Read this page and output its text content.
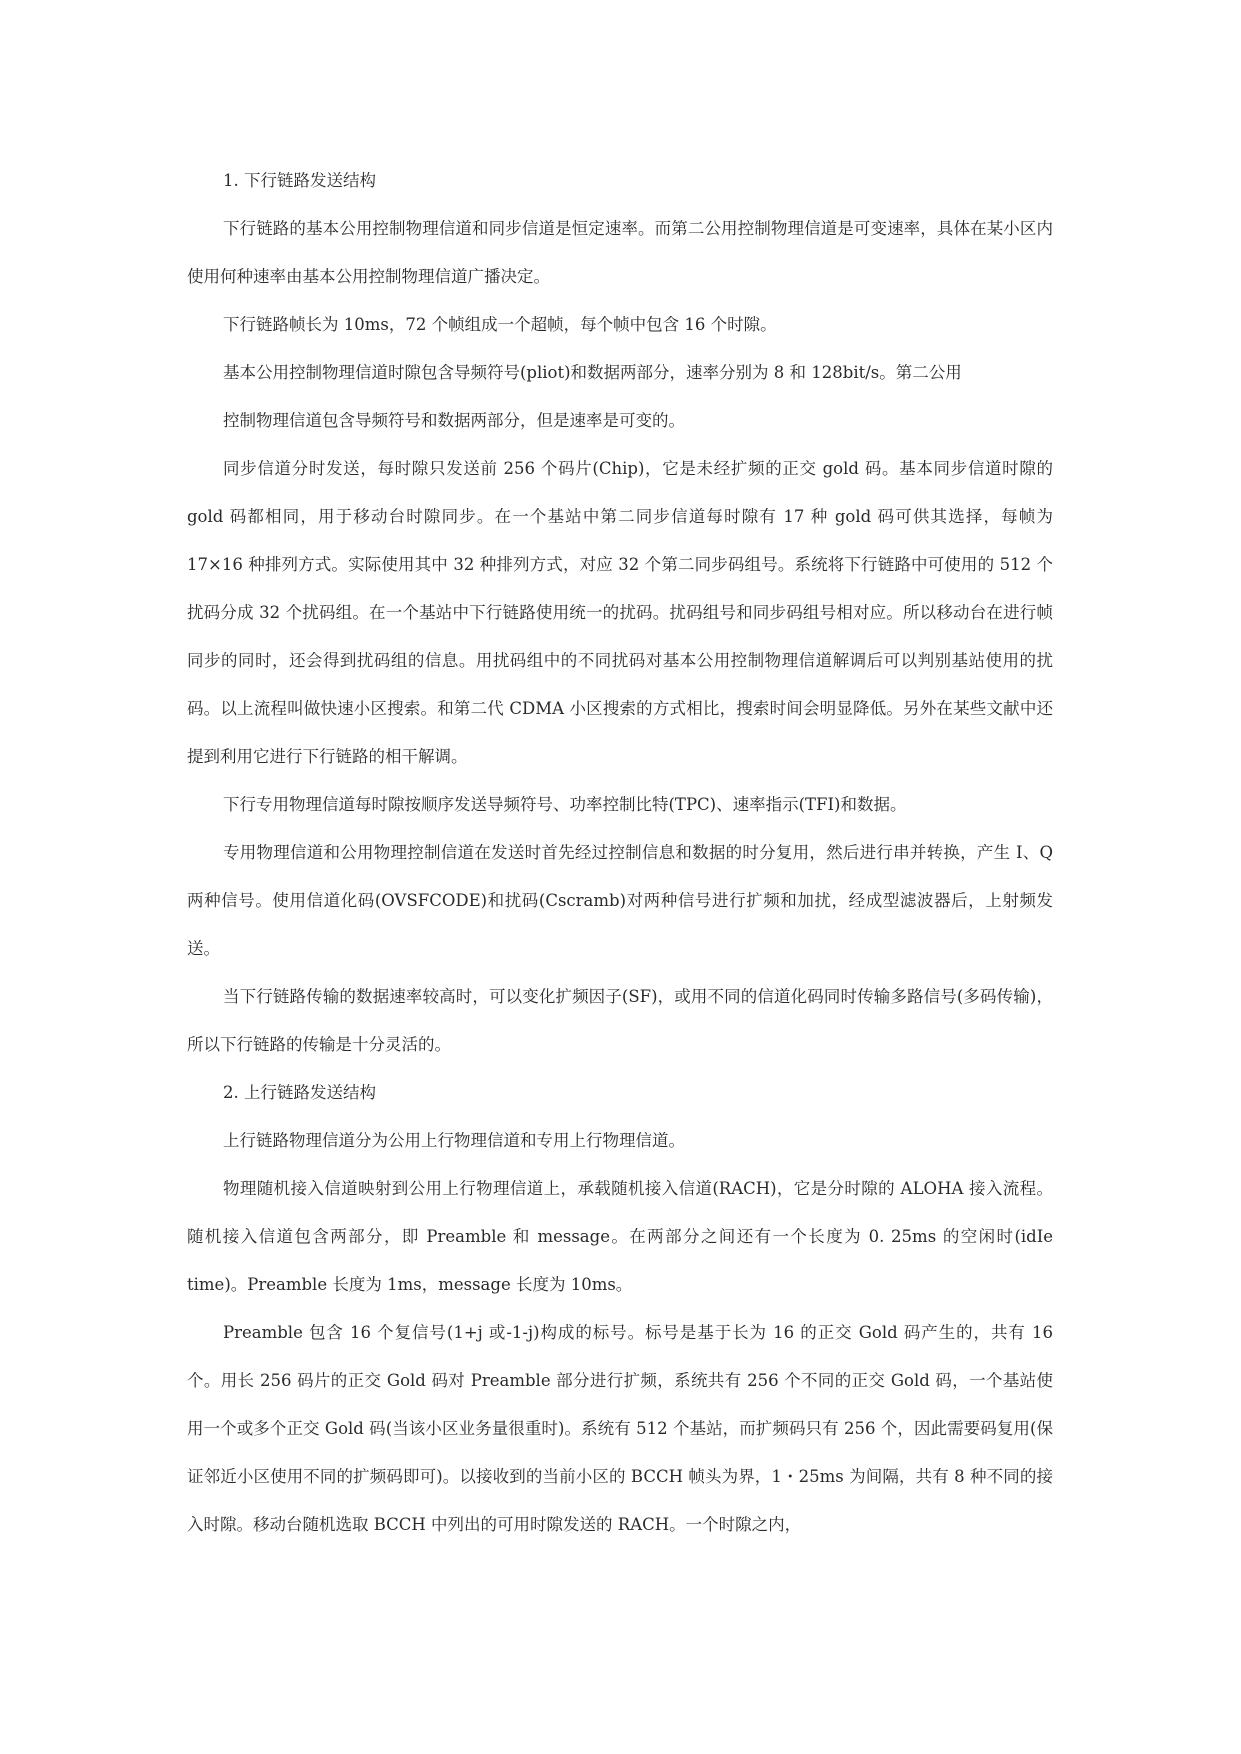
1. 下行链路发送结构

下行链路的基本公用控制物理信道和同步信道是恒定速率。而第二公用控制物理信道是可变速率，具体在某小区内使用何种速率由基本公用控制物理信道广播决定。

下行链路帧长为 10ms，72 个帧组成一个超帧，每个帧中包含 16 个时隙。

基本公用控制物理信道时隙包含导频符号(pliot)和数据两部分，速率分别为 8 和 128bit/s。第二公用

控制物理信道包含导频符号和数据两部分，但是速率是可变的。

同步信道分时发送，每时隙只发送前 256 个码片(Chip)，它是未经扩频的正交 gold 码。基本同步信道时隙的 gold 码都相同，用于移动台时隙同步。在一个基站中第二同步信道每时隙有 17 种 gold 码可供其选择，每帧为 17×16 种排列方式。实际使用其中 32 种排列方式，对应 32 个第二同步码组号。系统将下行链路中可使用的 512 个扰码分成 32 个扰码组。在一个基站中下行链路使用统一的扰码。扰码组号和同步码组号相对应。所以移动台在进行帧同步的同时，还会得到扰码组的信息。用扰码组中的不同扰码对基本公用控制物理信道解调后可以判别基站使用的扰码。以上流程叫做快速小区搜索。和第二代 CDMA 小区搜索的方式相比，搜索时间会明显降低。另外在某些文献中还提到利用它进行下行链路的相干解调。

下行专用物理信道每时隙按顺序发送导频符号、功率控制比特(TPC)、速率指示(TFI)和数据。

专用物理信道和公用物理控制信道在发送时首先经过控制信息和数据的时分复用，然后进行串并转换，产生 I、Q 两种信号。使用信道化码(OVSFCODE)和扰码(Cscramb)对两种信号进行扩频和加扰，经成型滤波器后，上射频发送。

当下行链路传输的数据速率较高时，可以变化扩频因子(SF)，或用不同的信道化码同时传输多路信号(多码传输)，所以下行链路的传输是十分灵活的。

2. 上行链路发送结构

上行链路物理信道分为公用上行物理信道和专用上行物理信道。

物理随机接入信道映射到公用上行物理信道上，承载随机接入信道(RACH)，它是分时隙的 ALOHA 接入流程。随机接入信道包含两部分，即 Preamble 和 message。在两部分之间还有一个长度为 0. 25ms 的空闲时(idIe time)。Preamble 长度为 1ms，message 长度为 10ms。

Preamble 包含 16 个复信号(1+j 或-1-j)构成的标号。标号是基于长为 16 的正交 Gold 码产生的，共有 16 个。用长 256 码片的正交 Gold 码对 Preamble 部分进行扩频，系统共有 256 个不同的正交 Gold 码，一个基站使用一个或多个正交 Gold 码(当该小区业务量很重时)。系统有 512 个基站，而扩频码只有 256 个，因此需要码复用(保证邻近小区使用不同的扩频码即可)。以接收到的当前小区的 BCCH 帧头为界，1・25ms 为间隔，共有 8 种不同的接入时隙。移动台随机选取 BCCH 中列出的可用时隙发送的 RACH。一个时隙之内，
